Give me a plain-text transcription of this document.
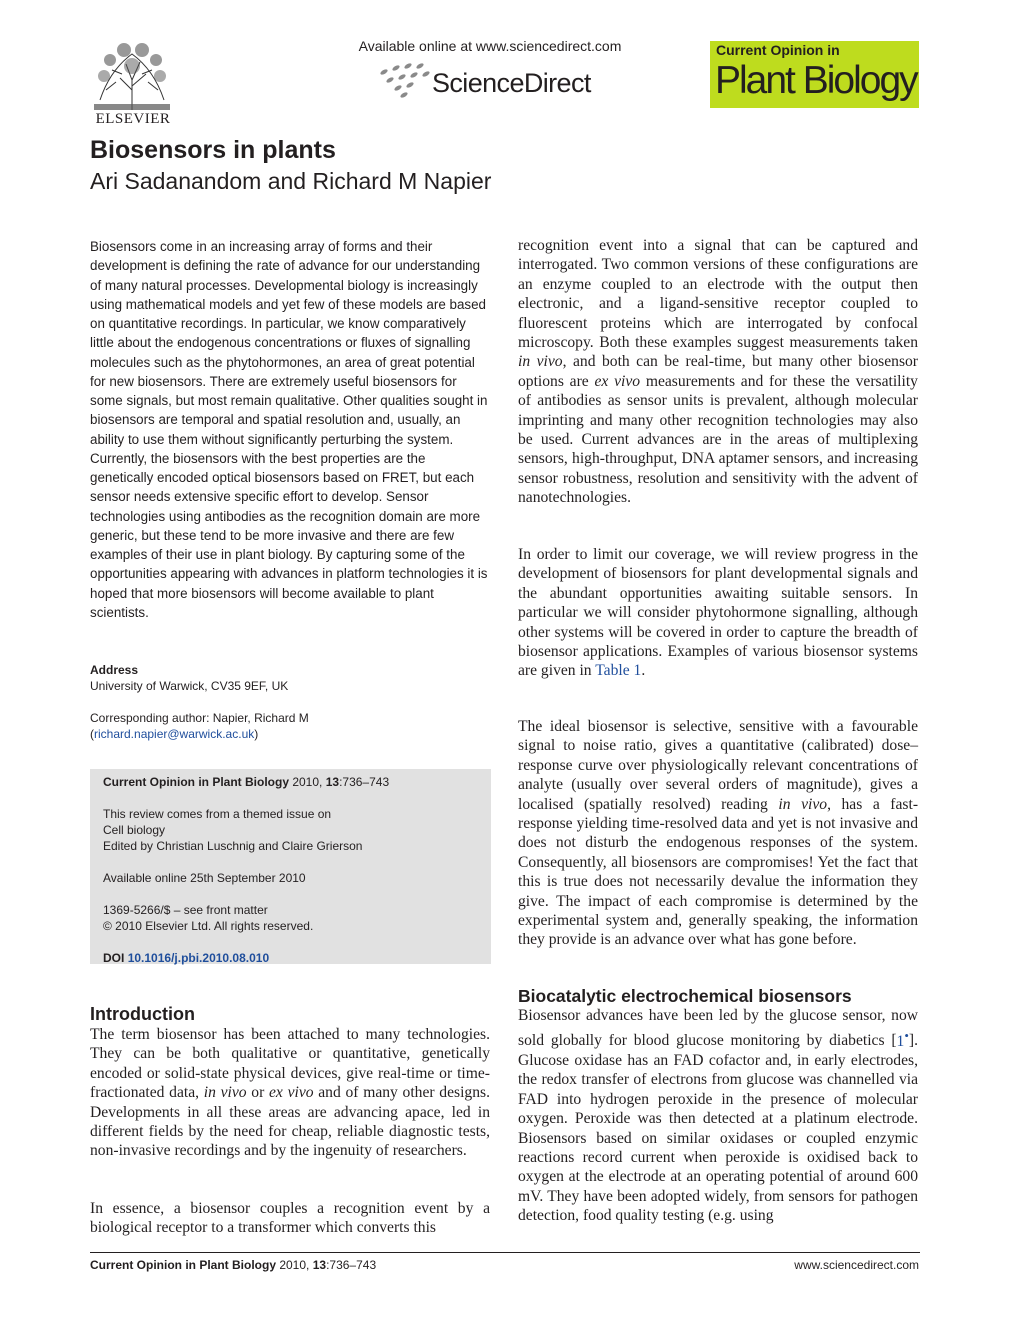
ELSEVIER
Available online at www.sciencedirect.com
ScienceDirect
Current Opinion in
Plant Biology
Biosensors in plants
Ari Sadanandom and Richard M Napier

Biosensors come in an increasing array of forms and their development is defining the rate of advance for our understanding of many natural processes. Developmental biology is increasingly using mathematical models and yet few of these models are based on quantitative recordings. In particular, we know comparatively little about the endogenous concentrations or fluxes of signalling molecules such as the phytohormones, an area of great potential for new biosensors. There are extremely useful biosensors for some signals, but most remain qualitative. Other qualities sought in biosensors are temporal and spatial resolution and, usually, an ability to use them without significantly perturbing the system. Currently, the biosensors with the best properties are the genetically encoded optical biosensors based on FRET, but each sensor needs extensive specific effort to develop. Sensor technologies using antibodies as the recognition domain are more generic, but these tend to be more invasive and there are few examples of their use in plant biology. By capturing some of the opportunities appearing with advances in platform technologies it is hoped that more biosensors will become available to plant scientists.

Address
University of Warwick, CV35 9EF, UK
Corresponding author: Napier, Richard M
(richard.napier@warwick.ac.uk)
Current Opinion in Plant Biology 2010, 13:736–743
This review comes from a themed issue on
Cell biology
Edited by Christian Luschnig and Claire Grierson
Available online 25th September 2010
1369-5266/$ – see front matter
© 2010 Elsevier Ltd. All rights reserved.
DOI 10.1016/j.pbi.2010.08.010
Introduction

The term biosensor has been attached to many technologies. They can be both qualitative or quantitative, genetically encoded or solid-state physical devices, give real-time or time-fractionated data, in vivo or ex vivo and of many other designs. Developments in all these areas are advancing apace, led in different fields by the need for cheap, reliable diagnostic tests, non-invasive recordings and by the ingenuity of researchers.

In essence, a biosensor couples a recognition event by a biological receptor to a transformer which converts this

recognition event into a signal that can be captured and interrogated. Two common versions of these configurations are an enzyme coupled to an electrode with the output then electronic, and a ligand-sensitive receptor coupled to fluorescent proteins which are interrogated by confocal microscopy. Both these examples suggest measurements taken in vivo, and both can be real-time, but many other biosensor options are ex vivo measurements and for these the versatility of antibodies as sensor units is prevalent, although molecular imprinting and many other recognition technologies may also be used. Current advances are in the areas of multiplexing sensors, high-throughput, DNA aptamer sensors, and increasing sensor robustness, resolution and sensitivity with the advent of nanotechnologies.

In order to limit our coverage, we will review progress in the development of biosensors for plant developmental signals and the abundant opportunities awaiting suitable sensors. In particular we will consider phytohormone signalling, although other systems will be covered in order to capture the breadth of biosensor applications. Examples of various biosensor systems are given in Table 1.

The ideal biosensor is selective, sensitive with a favourable signal to noise ratio, gives a quantitative (calibrated) dose–response curve over physiologically relevant concentrations of analyte (usually over several orders of magnitude), gives a localised (spatially resolved) reading in vivo, has a fast-response yielding time-resolved data and yet is not invasive and does not disturb the endogenous responses of the system. Consequently, all biosensors are compromises! Yet the fact that this is true does not necessarily devalue the information they give. The impact of each compromise is determined by the experimental system and, generally speaking, the information they provide is an advance over what has gone before.

Biocatalytic electrochemical biosensors

Biosensor advances have been led by the glucose sensor, now sold globally for blood glucose monitoring by diabetics [1•]. Glucose oxidase has an FAD cofactor and, in early electrodes, the redox transfer of electrons from glucose was channelled via FAD into hydrogen peroxide in the presence of molecular oxygen. Peroxide was then detected at a platinum electrode. Biosensors based on similar oxidases or coupled enzymic reactions record current when peroxide is oxidised back to oxygen at the electrode at an operating potential of around 600 mV. They have been adopted widely, from sensors for pathogen detection, food quality testing (e.g. using

Current Opinion in Plant Biology 2010, 13:736–743	www.sciencedirect.com
